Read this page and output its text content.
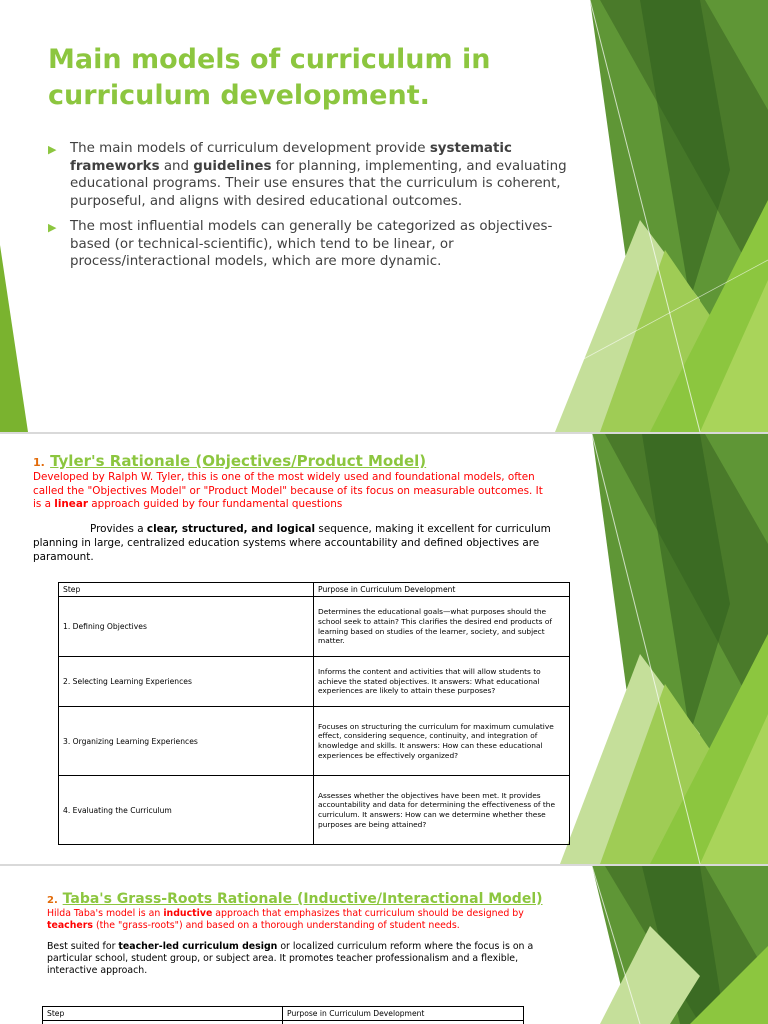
Main models of curriculum in curriculum development.
▶ The main models of curriculum development provide systematic frameworks and guidelines for planning, implementing, and evaluating educational programs. Their use ensures that the curriculum is coherent, purposeful, and aligns with desired educational outcomes.
▶ The most influential models can generally be categorized as objectives-based (or technical-scientific), which tend to be linear, or process/interactional models, which are more dynamic.

1. Tyler's Rationale (Objectives/Product Model)

Developed by Ralph W. Tyler, this is one of the most widely used and foundational models, often called the "Objectives Model" or "Product Model" because of its focus on measurable outcomes. It is a linear approach guided by four fundamental questions

Provides a clear, structured, and logical sequence, making it excellent for curriculum planning in large, centralized education systems where accountability and defined objectives are paramount.

Step	Purpose in Curriculum Development
1. Defining Objectives	Determines the educational goals—what purposes should the school seek to attain? This clarifies the desired end products of learning based on studies of the learner, society, and subject matter.
2. Selecting Learning Experiences	Informs the content and activities that will allow students to achieve the stated objectives. It answers: What educational experiences are likely to attain these purposes?
3. Organizing Learning Experiences	Focuses on structuring the curriculum for maximum cumulative effect, considering sequence, continuity, and integration of knowledge and skills. It answers: How can these educational experiences be effectively organized?
4. Evaluating the Curriculum	Assesses whether the objectives have been met. It provides accountability and data for determining the effectiveness of the curriculum. It answers: How can we determine whether these purposes are being attained?

2. Taba's Grass-Roots Rationale (Inductive/Interactional Model)

Hilda Taba's model is an inductive approach that emphasizes that curriculum should be designed by teachers (the "grass-roots") and based on a thorough understanding of student needs.

Best suited for teacher-led curriculum design or localized curriculum reform where the focus is on a particular school, student group, or subject area. It promotes teacher professionalism and a flexible, interactive approach.

Step	Purpose in Curriculum Development
